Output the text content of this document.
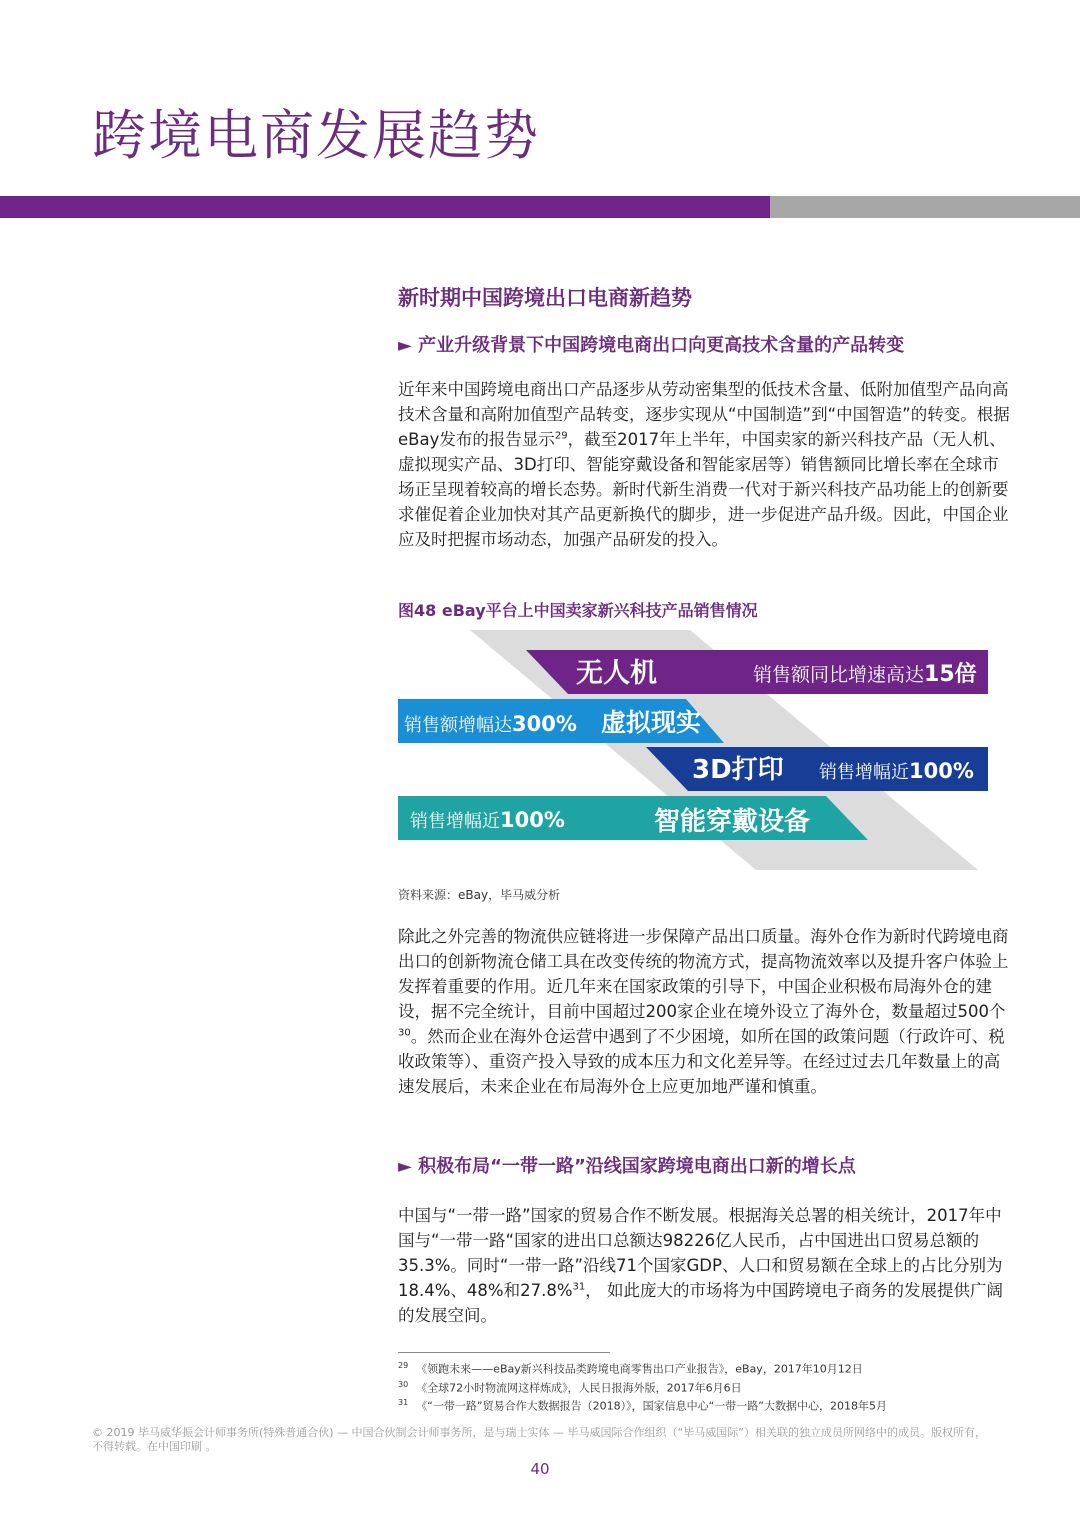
跨境电商发展趋势
新时期中国跨境出口电商新趋势
► 产业升级背景下中国跨境电商出口向更高技术含量的产品转变
近年来中国跨境电商出口产品逐步从劳动密集型的低技术含量、低附加值型产品向高技术含量和高附加值型产品转变，逐步实现从“中国制造”到“中国智造”的转变。根据eBay发布的报告显示$^{29}$，截至2017年上半年，中国卖家的新兴科技产品（无人机、虚拟现实产品、3D打印、智能穿戴设备和智能家居等）销售额同比增长率在全球市场正呈现着较高的增长态势。新时代新生消费一代对于新兴科技产品功能上的创新要求催促着企业加快对其产品更新换代的脚步，进一步促进产品升级。因此，中国企业应及时把握市场动态，加强产品研发的投入。
图48 eBay平台上中国卖家新兴科技产品销售情况
无人机	销售额同比增速高达15倍
销售额增幅达300% 虚拟现实
3D打印 销售增幅近100%
销售增幅近100%	智能穿戴设备
资料来源：eBay，毕马威分析
除此之外完善的物流供应链将进一步保障产品出口质量。海外仓作为新时代跨境电商出口的创新物流仓储工具在改变传统的物流方式，提高物流效率以及提升客户体验上发挥着重要的作用。近几年来在国家政策的引导下，中国企业积极布局海外仓的建设，据不完全统计，目前中国超过200家企业在境外设立了海外仓，数量超过500个$^{30}$。然而企业在海外仓运营中遇到了不少困境，如所在国的政策问题（行政许可、税收政策等）、重资产投入导致的成本压力和文化差异等。在经过过去几年数量上的高速发展后，未来企业在布局海外仓上应更加地严谨和慎重。
► 积极布局“一带一路”沿线国家跨境电商出口新的增长点
中国与“一带一路”国家的贸易合作不断发展。根据海关总署的相关统计，2017年中国与“一带一路“国家的进出口总额达98226亿人民币，占中国进出口贸易总额的35.3%。同时“一带一路”沿线71个国家GDP、人口和贸易额在全球上的占比分别为18.4%、48%和27.8%$^{31}$， 如此庞大的市场将为中国跨境电子商务的发展提供广阔的发展空间。
$^{29}$ 《领跑未来——eBay新兴科技品类跨境电商零售出口产业报告》，eBay，2017年10月12日
$^{30}$ 《全球72小时物流网这样炼成》，人民日报海外版，2017年6月6日
$^{31}$ 《“一带一路”贸易合作大数据报告（2018）》，国家信息中心“一带一路”大数据中心，2018年5月
© 2019 毕马威华振会计师事务所(特殊普通合伙) — 中国合伙制会计师事务所，是与瑞士实体 — 毕马威国际合作组织（“毕马威国际”）相关联的独立成员所网络中的成员。版权所有，不得转载。在中国印刷 。
40
